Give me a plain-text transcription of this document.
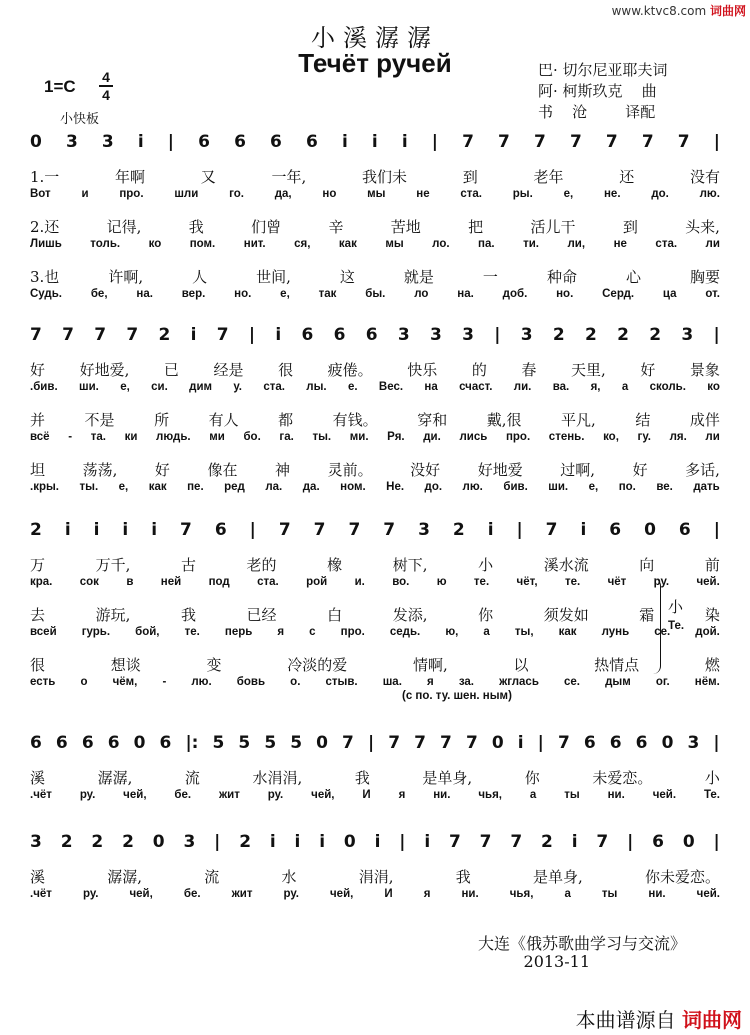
www.ktvc8.com 词曲网
小溪潺潺
Течёт ручей	巴· 切尔尼亚耶夫词
阿· 柯斯玖克    曲
书    沧        译配
1=C 4
4
小快板
0 3 3 i | 6 6 6 6 i i i | 7 7 7 7 7 7 7 |
1.一	年啊	又	一年,	我们未	到	老年	还	没有
Вот	и	про.	шли	го.	да,	но	мы	не	ста.	ры.	е,	не.	до.	лю.
2.还	记得,	我	们曾	辛	苦地	把	活儿干	到	头来,
Лишь толь. ко пом. нит. ся, как мы ло. па. ти. ли, не ста. ли
3.也	许啊,	人	世间,	这	就是	一	种命	心	胸要
Судь.	бе,	на.	вер.	но.	е,	так	бы.	ло	на.	доб.	но.	Серд.	ца	от.
7 7 7 7 2 i 7 | i 6 6 6 3 3 3 | 3 2 2 2 2 3 |
好 好地爱, 已 经是 很 疲倦。 快乐 的 春 天里, 好 景象
.бив. ши. е, си. дим у. ста. лы. е. Вес. на счаст. ли. ва. я, а сколь. ко
并	不是	所	有人	都	有钱。	穿和	戴,很	平凡,	结	成伴
всё - та. ки людь. ми бо. га. ты. ми. Ря. ди. лись про. стень. ко, гу. ля. ли
坦	荡荡,	好	像在	神	灵前。	没好	好地爱	过啊,	好	多话,
.кры. ты. е, как пе. ред ла. да. ном. Не. до. лю. бив. ши. е, по. ве. дать
2 i i i i 7 6 | 7 7 7 7 3 2 i | 7 i 6 0 6 |
万	万千,	古	老的	橡	树下,	小	溪水流	向	前
кра. сок в ней под ста. рой и. во. ю те. чёт, те. чёт ру. чей.
去	游玩,	我	已经	白	发添,	你	须发如	霜	染
всей гурь. бой, те. перь я с про. седь. ю, а ты, как лунь се. дой.
很	想谈	变	冷淡的爱	情啊,	以	热情点	燃
есть о чём, - лю. бовь о. стыв. ша. я за. жглась се. дым ог. нём.
小
Те.
(с по. ту. шен. ным)
6 6 6 6 0 6 |: 5 5 5 5 0 7 | 7 7 7 7 0 i | 7 6 6 6 0 3 |
溪	潺潺,	流	水涓涓,	我	是单身,	你	未爱恋。	小
.чёт ру. чей, бе. жит ру. чей, И я ни. чья, а ты ни. чей. Те.
3 2 2 2 0 3 | 2 i i i 0 i | i 7 7 7 2 i 7 | 6 0 |
溪	潺潺,	流	水	涓涓,	我	是单身,	你未爱恋。
.чёт	ру.	чей,	бе.	жит	ру.	чей,	И	я	ни.	чья,	а	ты	ни.	чей.
大连《俄苏歌曲学习与交流》
2013-11
本曲谱源自 词曲网
